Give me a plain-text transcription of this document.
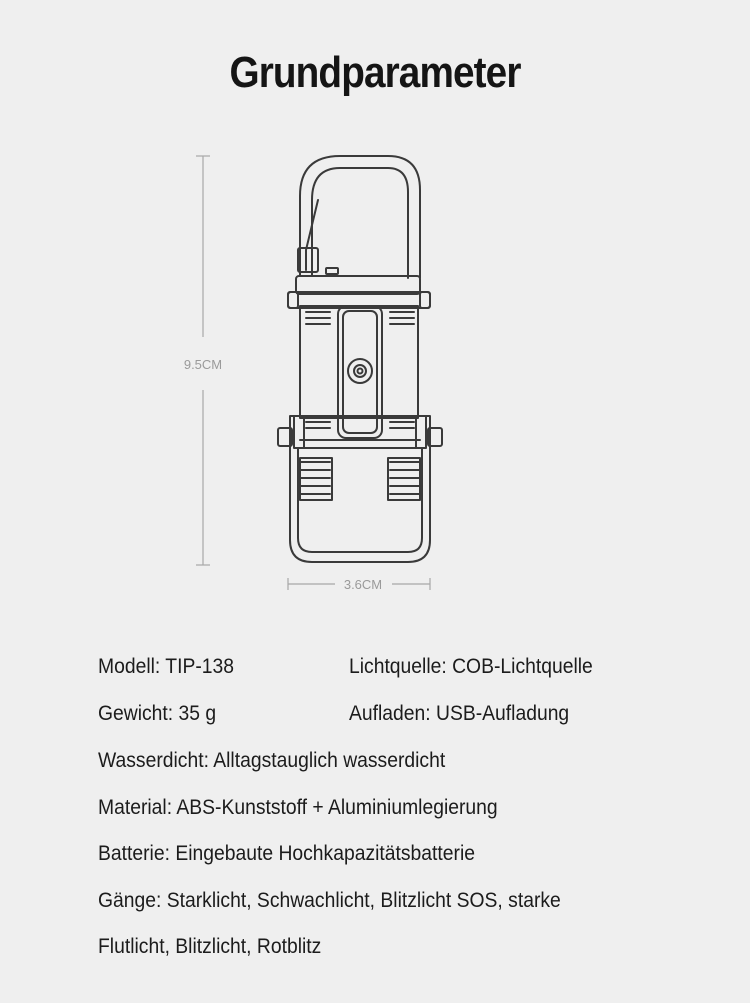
Grundparameter
9.5CM
3.6CM
Modell: TIP-138	Lichtquelle: COB-Lichtquelle
Gewicht: 35 g	Aufladen: USB-Aufladung
Wasserdicht: Alltagstauglich wasserdicht
Material: ABS-Kunststoff + Aluminiumlegierung
Batterie: Eingebaute Hochkapazitätsbatterie
Gänge: Starklicht, Schwachlicht, Blitzlicht SOS, starke
Flutlicht, Blitzlicht, Rotblitz
